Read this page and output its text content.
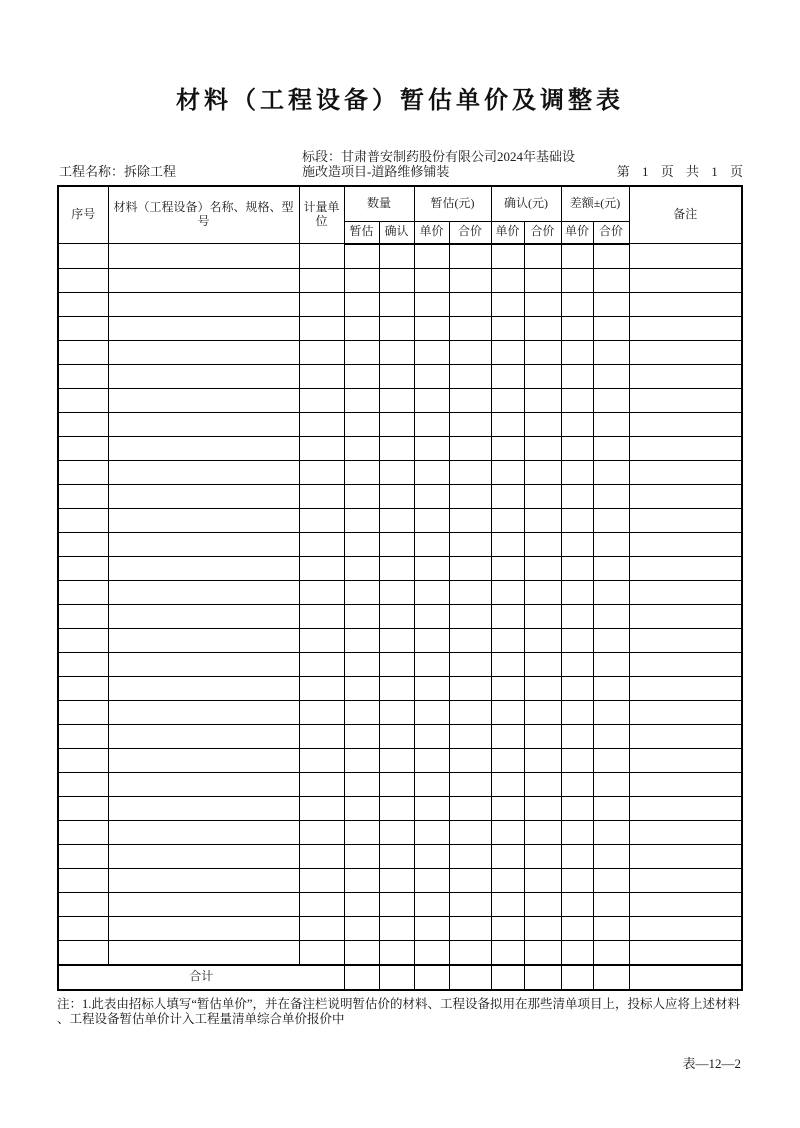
材料（工程设备）暂估单价及调整表
工程名称：拆除工程
标段：甘肃普安制药股份有限公司2024年基础设
施改造项目-道路维修铺装	第 1 页 共 1 页
序号	材料（工程设备）名称、规格、型号	计量单位	数量		暂估(元)		确认(元)		差额±(元)		备注
			暂估	确认	单价	合价	单价	合价	单价	合价	

合计											
注：1.此表由招标人填写“暂估单价”，并在备注栏说明暂估价的材料、工程设备拟用在那些清单项目上，投标人应将上述材料
、工程设备暂估单价计入工程量清单综合单价报价中
表—12—2
